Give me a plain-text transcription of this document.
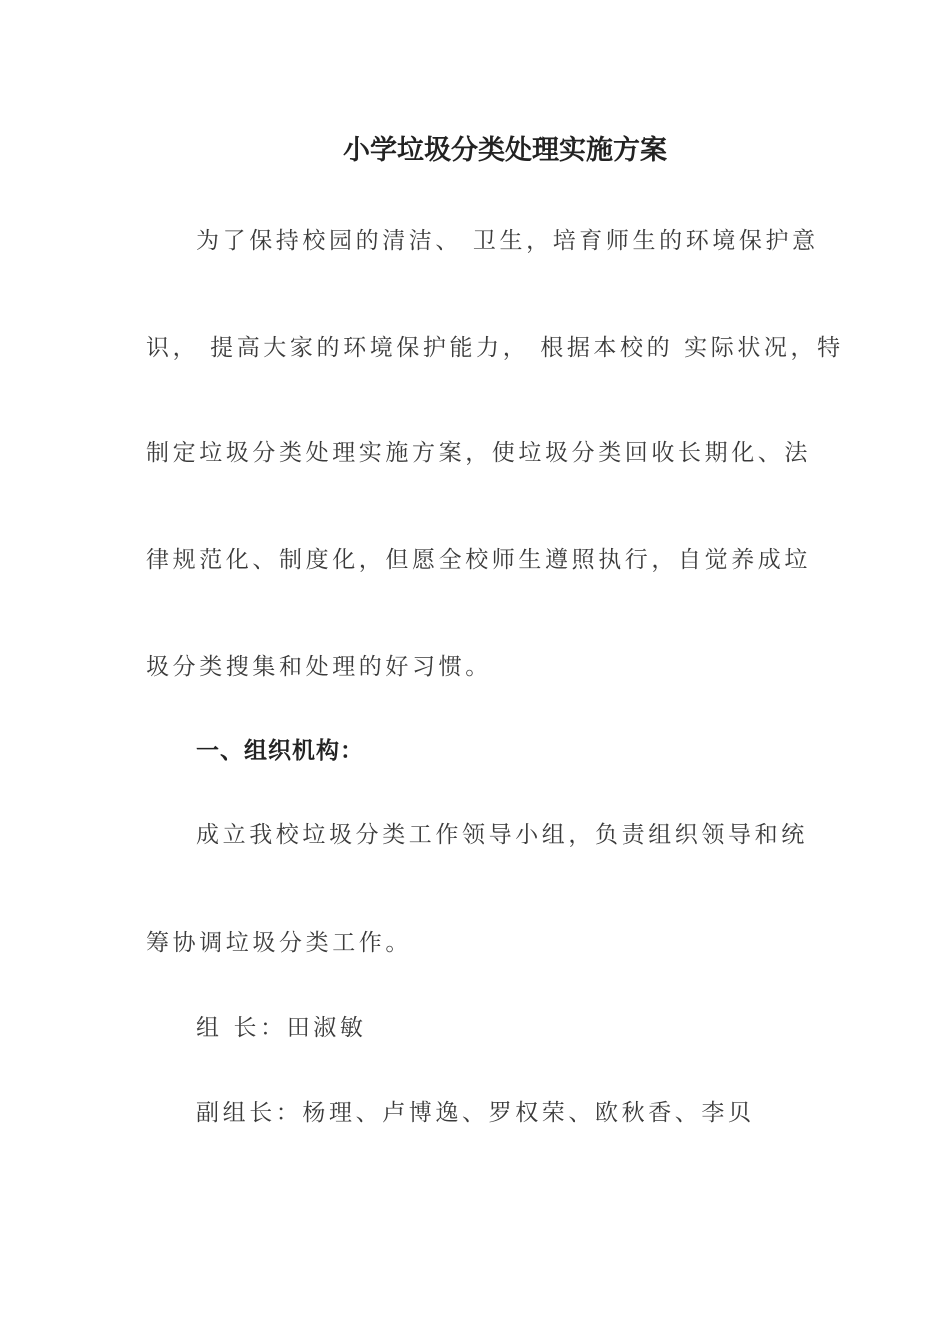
小学垃圾分类处理实施方案
为了保持校园的清洁、 卫生，培育师生的环境保护意
识， 提高大家的环境保护能力， 根据本校的 实际状况，特
制定垃圾分类处理实施方案，使垃圾分类回收长期化、法
律规范化、制度化，但愿全校师生遵照执行，自觉养成垃
圾分类搜集和处理的好习惯。
一、组织机构：
成立我校垃圾分类工作领导小组，负责组织领导和统
筹协调垃圾分类工作。
组 长：田淑敏
副组长：杨理、卢博逸、罗权荣、欧秋香、李贝
